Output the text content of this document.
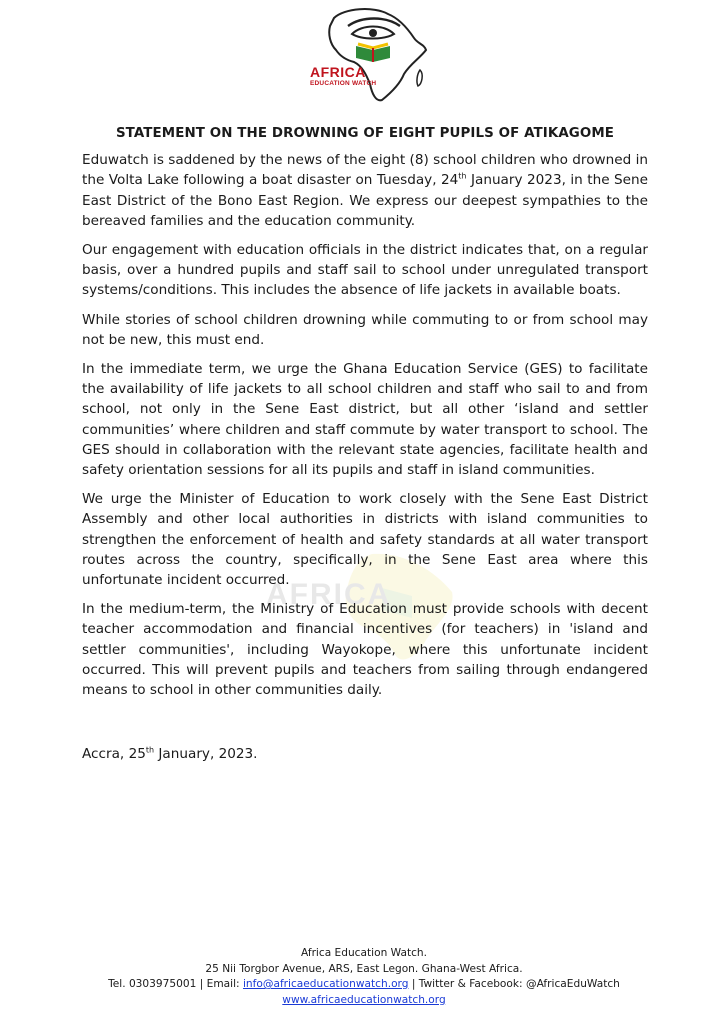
AFRICA
EDUCATION WATCH
AFRICA
STATEMENT ON THE DROWNING OF EIGHT PUPILS OF ATIKAGOME

Eduwatch is saddened by the news of the eight (8) school children who drowned in the Volta Lake following a boat disaster on Tuesday, 24th January 2023, in the Sene East District of the Bono East Region. We express our deepest sympathies to the bereaved families and the education community.

Our engagement with education officials in the district indicates that, on a regular basis, over a hundred pupils and staff sail to school under unregulated transport systems/conditions. This includes the absence of life jackets in available boats.

While stories of school children drowning while commuting to or from school may not be new, this must end.

In the immediate term, we urge the Ghana Education Service (GES) to facilitate the availability of life jackets to all school children and staff who sail to and from school, not only in the Sene East district, but all other ‘island and settler communities’ where children and staff commute by water transport to school. The GES should in collaboration with the relevant state agencies, facilitate health and safety orientation sessions for all its pupils and staff in island communities.

We urge the Minister of Education to work closely with the Sene East District Assembly and other local authorities in districts with island communities to strengthen the enforcement of health and safety standards at all water transport routes across the country, specifically, in the Sene East area where this unfortunate incident occurred.

In the medium-term, the Ministry of Education must provide schools with decent teacher accommodation and financial incentives (for teachers) in 'island and settler communities', including Wayokope, where this unfortunate incident occurred. This will prevent pupils and teachers from sailing through endangered means to school in other communities daily.

Accra, 25th January, 2023.
Africa Education Watch.
25 Nii Torgbor Avenue, ARS, East Legon. Ghana-West Africa.
Tel. 0303975001 | Email: info@africaeducationwatch.org | Twitter & Facebook: @AfricaEduWatch
www.africaeducationwatch.org
